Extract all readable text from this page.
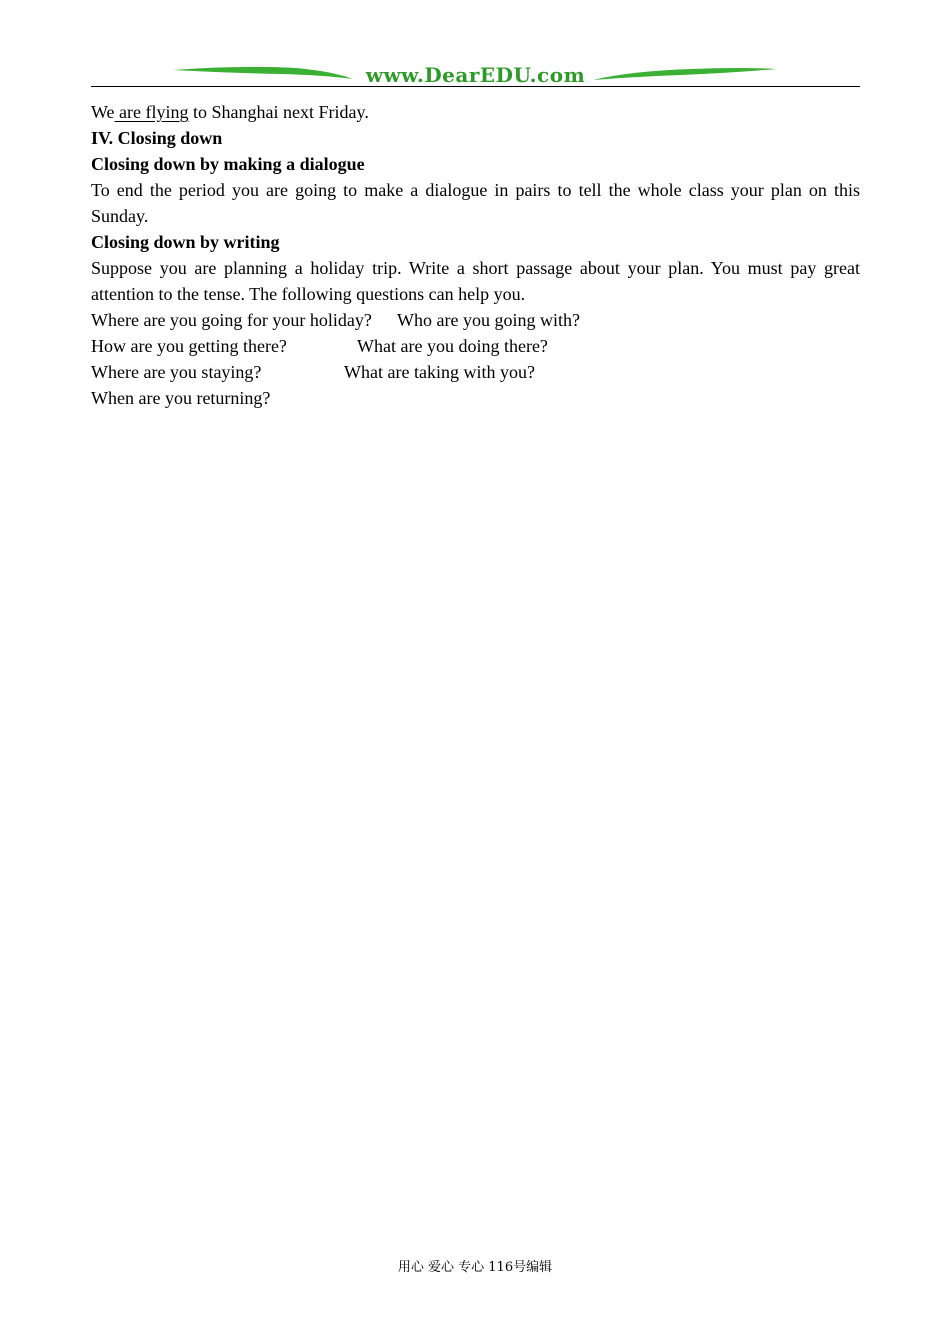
www.DearEDU.com

We are flying to Shanghai next Friday.

IV. Closing down

Closing down by making a dialogue

To end the period you are going to make a dialogue in pairs to tell the whole class your plan on this Sunday.

Closing down by writing

Suppose you are planning a holiday trip. Write a short passage about your plan. You must pay great attention to the tense. The following questions can help you.

Where are you going for your holiday? Who are you going with?
How are you getting there?	What are you doing there?
Where are you staying?	What are taking with you?
When are you returning?
用心 爱心 专心 116号编辑
